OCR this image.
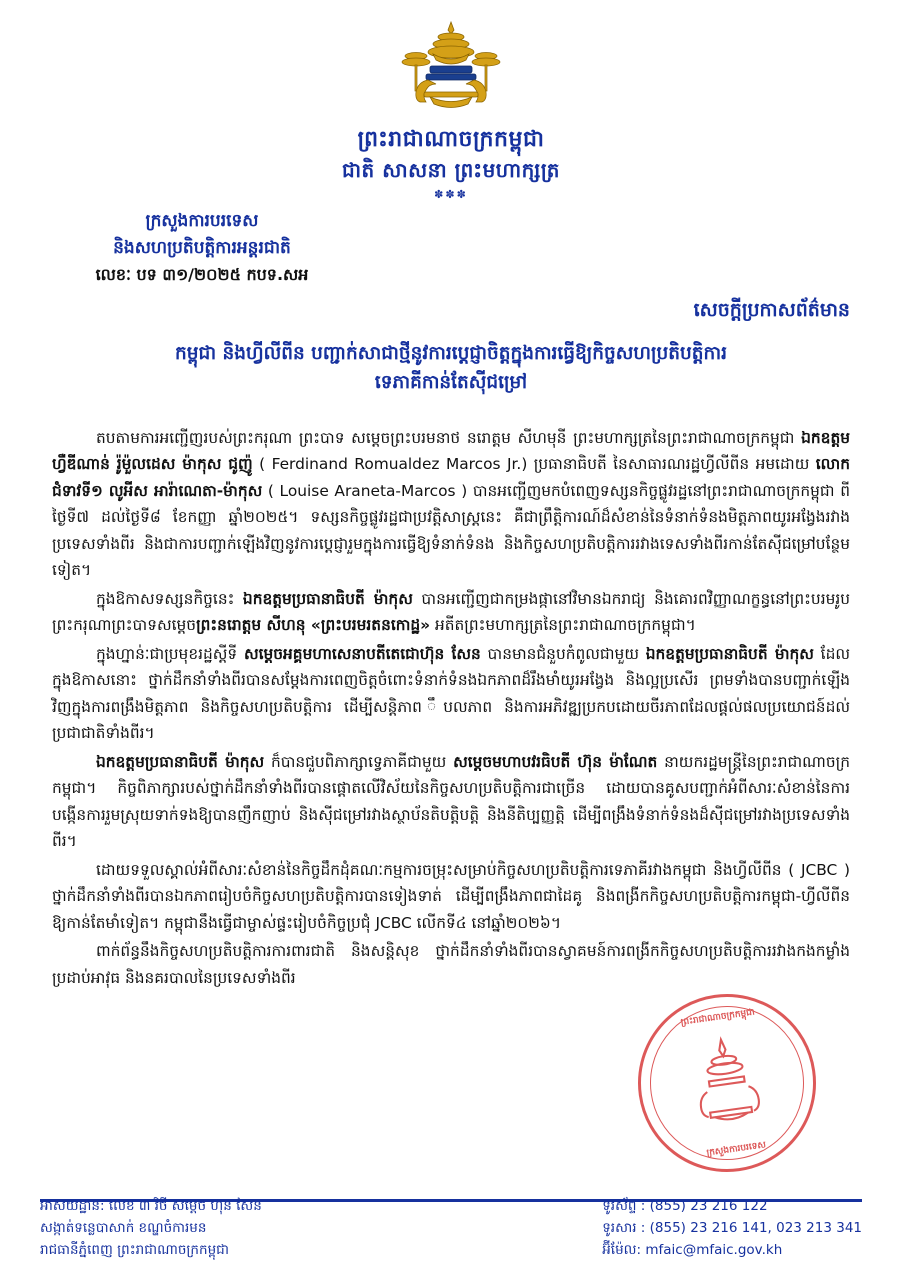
ព្រះរាជាណាចក្រកម្ពុជា
ជាតិ សាសនា ព្រះមហាក្សត្រ
✽✽✽
ក្រសួងការបរទេស
និងសហប្រតិបត្តិការអន្តរជាតិ
លេខៈ បទ ៣១/២០២៥ កបទ.សអ
សេចក្ដីប្រកាសព័ត៌មាន
កម្ពុជា និងហ្វីលីពីន បញ្ជាក់សាជាថ្មីនូវការប្ដេជ្ញាចិត្តក្នុងការធ្វើឱ្យកិច្ចសហប្រតិបត្តិការ
ទេភាគីកាន់តែស៊ីជម្រៅ

តបតាមការអញ្ជើញរបស់ព្រះករុណា ព្រះបាទ សម្ដេចព្រះបរមនាថ នរោត្តម សីហមុនី ព្រះមហាក្សត្រនៃព្រះរាជាណាចក្រកម្ពុជា ឯកឧត្តម ហ្វឺឌីណាន់ រ៉ូម៉ួលដេស ម៉ាកុស ជូញ៉ូ ( Ferdinand Romualdez Marcos Jr.) ប្រធានាធិបតី នៃសាធារណរដ្ឋហ្វីលីពីន អមដោយ លោកជំទាវទី១ លូអីស អារ៉ាណេតា-ម៉ាកុស ( Louise Araneta-Marcos ) បានអញ្ជើញមកបំពេញទស្សនកិច្ចផ្លូវរដ្ឋនៅព្រះរាជាណាចក្រកម្ពុជា ពីថ្ងៃទី៧ ដល់ថ្ងៃទី៨ ខែកញ្ញា ឆ្នាំ២០២៥។ ទស្សនកិច្ចផ្លូវរដ្ឋជាប្រវត្តិសាស្ត្រនេះ គឺជាព្រឹត្តិការណ៍ដ៏សំខាន់នៃទំនាក់ទំនងមិត្តភាពយូរអង្វែងរវាងប្រទេសទាំងពីរ និងជាការបញ្ជាក់ឡើងវិញនូវការប្ដេជ្ញារួមក្នុងការធ្វើឱ្យទំនាក់ទំនង និងកិច្ចសហប្រតិបត្តិការរវាងទេសទាំងពីរកាន់តែស៊ីជម្រៅបន្ថែមទៀត។

ក្នុងឱកាសទស្សនកិច្ចនេះ ឯកឧត្តមប្រធានាធិបតី ម៉ាកុស បានអញ្ជើញជាកម្រងផ្កានៅវិមានឯករាជ្យ និងគោរពវិញ្ញាណក្ខន្ធនៅព្រះបរមរូបព្រះករុណាព្រះបាទសម្ដេចព្រះនរោត្តម សីហនុ «ព្រះបរមរតនកោដ្ឋ» អតីតព្រះមហាក្សត្រនៃព្រះរាជាណាចក្រកម្ពុជា។

ក្នុងហ្នាន់ៈជាប្រមុខរដ្ឋស្ដីទី សម្ដេចអគ្គមហាសេនាបតីតេជោហ៊ុន សែន បានមានជំនួបកំពូលជាមួយ ឯកឧត្តមប្រធានាធិបតី ម៉ាកុស ដែលក្នុងឱកាសនោះ ថ្នាក់ដឹកនាំទាំងពីរបានសម្ដែងការពេញចិត្តចំពោះទំនាក់ទំនងឯកភាពដ៏រឹងមាំយូរអង្វែង និងល្អប្រសើរ ព្រមទាំងបានបញ្ជាក់ឡើងវិញក្នុងការពង្រឹងមិត្តភាព និងកិច្ចសហប្រតិបត្តិការ ដើម្បីសន្តិភាព ឹបលភាព និងការអភិវឌ្ឍប្រកបដោយចីរភាពដែលផ្ដល់ផលប្រយោជន៍ដល់ប្រជាជាតិទាំងពីរ។

ឯកឧត្តមប្រធានាធិបតី ម៉ាកុស ក៏បានជួបពិភាក្សាទ្វេភាគីជាមួយ សម្ដេចមហាបវរធិបតី ហ៊ុន ម៉ាណែត នាយករដ្ឋមន្ត្រីនៃព្រះរាជាណាចក្រកម្ពុជា។ កិច្ចពិភាក្សារបស់ថ្នាក់ដឹកនាំទាំងពីរបានផ្ដោតលើវិស័យនៃកិច្ចសហប្រតិបត្តិការជាច្រើន ដោយបានគូសបញ្ជាក់អំពីសារៈសំខាន់នៃការបង្កើនការរួមស្រុយទាក់ទងឱ្យបានញឹកញាប់ និងស៊ីជម្រៅរវាងស្ថាប័នតិបត្តិបត្តិ និងនីតិប្បញ្ញត្តិ ដើម្បីពង្រឹងទំនាក់ទំនងដ៏ស៊ីជម្រៅរវាងប្រទេសទាំងពីរ។

ដោយទទួលស្គាល់អំពីសារៈសំខាន់នៃកិច្ចដឹកដុំគណៈកម្មការចម្រុះសម្រាប់កិច្ចសហប្រតិបត្តិការទេភាគីរវាងកម្ពុជា និងហ្វីលីពីន ( JCBC ) ថ្នាក់ដឹកនាំទាំងពីរបានឯកភាពរៀបចំកិច្ចសហប្រតិបត្តិការបានទៀងទាត់ ដើម្បីពង្រឹងភាពជាដៃគូ និងពង្រីកកិច្ចសហប្រតិបត្តិការកម្ពុជា-ហ្វីលីពីន ឱ្យកាន់តែមាំទៀត។ កម្ពុជានឹងធ្វើជាម្ចាស់ផ្ទះរៀបចំកិច្ចប្រជុំ JCBC លើកទី៤ នៅឆ្នាំ២០២៦។

ពាក់ព័ន្ធនឹងកិច្ចសហប្រតិបត្តិការការពារជាតិ និងសន្តិសុខ ថ្នាក់ដឹកនាំទាំងពីរបានស្វាគមន៍ការពង្រីកកិច្ចសហប្រតិបត្តិការរវាងកងកម្លាំងប្រដាប់អាវុធ និងនគរបាលនៃប្រទេសទាំងពីរ

ព្រះរាជាណាចក្រកម្ពុជា
ក្រសួងការបរទេស
អាសយដ្ឋាន: លេខ ៣ វិថី សម្ដេច ហ៊ុន សែន
សង្កាត់ទន្លេបាសាក់ ខណ្ឌចំការមន
រាជធានីភ្នំពេញ ព្រះរាជាណាចក្រកម្ពុជា
ទូរស័ព្ទ : (855) 23 216 122
ទូរសារ : (855) 23 216 141, 023 213 341
អ៊ីម៉ែល: mfaic@mfaic.gov.kh
